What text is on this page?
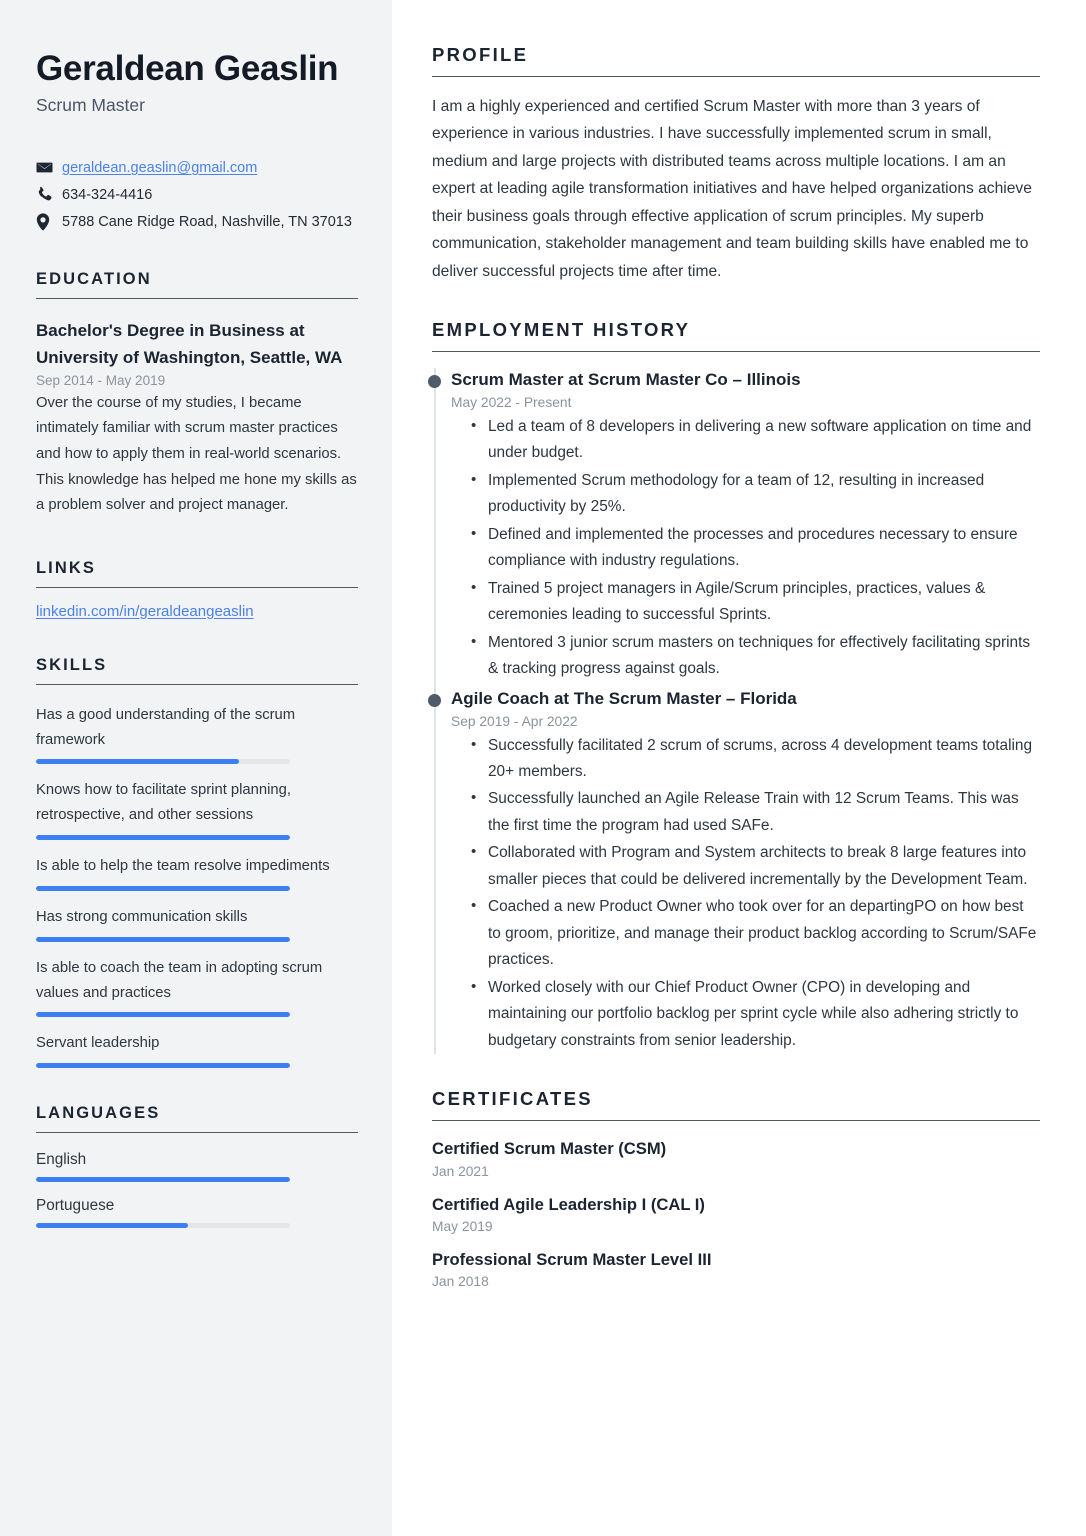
Geraldean Geaslin

Scrum Master

geraldean.geaslin@gmail.com
634-324-4416
5788 Cane Ridge Road, Nashville, TN 37013
EDUCATION

Bachelor's Degree in Business at University of Washington, Seattle, WA

Sep 2014 - May 2019

Over the course of my studies, I became intimately familiar with scrum master practices and how to apply them in real-world scenarios. This knowledge has helped me hone my skills as a problem solver and project manager.

LINKS
linkedin.com/in/geraldeangeaslin
SKILLS

Has a good understanding of the scrum framework

Knows how to facilitate sprint planning, retrospective, and other sessions

Is able to help the team resolve impediments

Has strong communication skills

Is able to coach the team in adopting scrum values and practices

Servant leadership

LANGUAGES

English

Portuguese

PROFILE

I am a highly experienced and certified Scrum Master with more than 3 years of experience in various industries. I have successfully implemented scrum in small, medium and large projects with distributed teams across multiple locations. I am an expert at leading agile transformation initiatives and have helped organizations achieve their business goals through effective application of scrum principles. My superb communication, stakeholder management and team building skills have enabled me to deliver successful projects time after time.

EMPLOYMENT HISTORY

Scrum Master at Scrum Master Co – Illinois

May 2022 - Present

• Led a team of 8 developers in delivering a new software application on time and under budget.
• Implemented Scrum methodology for a team of 12, resulting in increased productivity by 25%.
• Defined and implemented the processes and procedures necessary to ensure compliance with industry regulations.
• Trained 5 project managers in Agile/Scrum principles, practices, values & ceremonies leading to successful Sprints.
• Mentored 3 junior scrum masters on techniques for effectively facilitating sprints & tracking progress against goals.

Agile Coach at The Scrum Master – Florida

Sep 2019 - Apr 2022

• Successfully facilitated 2 scrum of scrums, across 4 development teams totaling 20+ members.
• Successfully launched an Agile Release Train with 12 Scrum Teams. This was the first time the program had used SAFe.
• Collaborated with Program and System architects to break 8 large features into smaller pieces that could be delivered incrementally by the Development Team.
• Coached a new Product Owner who took over for an departingPO on how best to groom, prioritize, and manage their product backlog according to Scrum/SAFe practices.
• Worked closely with our Chief Product Owner (CPO) in developing and maintaining our portfolio backlog per sprint cycle while also adhering strictly to budgetary constraints from senior leadership.
CERTIFICATES

Certified Scrum Master (CSM)

Jan 2021

Certified Agile Leadership I (CAL I)

May 2019

Professional Scrum Master Level III

Jan 2018
